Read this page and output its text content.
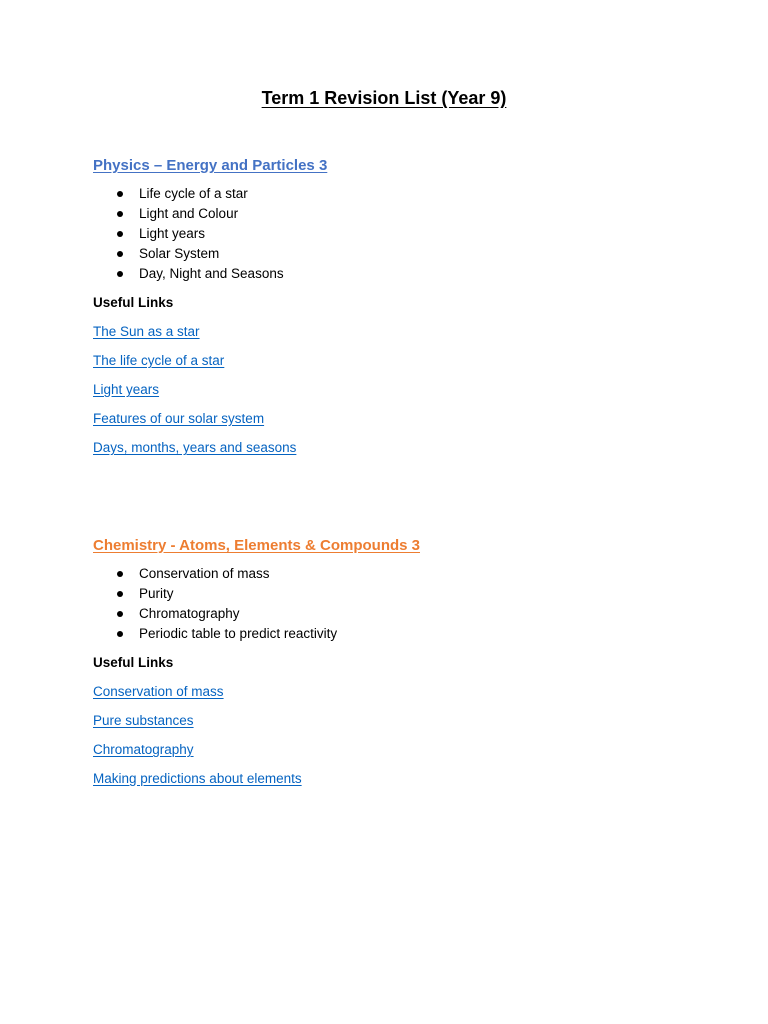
Term 1 Revision List (Year 9)
Physics – Energy and Particles 3
Life cycle of a star
Light and Colour
Light years
Solar System
Day, Night and Seasons

Useful Links

The Sun as a star
The life cycle of a star
Light years
Features of our solar system
Days, months, years and seasons
Chemistry - Atoms, Elements & Compounds 3
Conservation of mass
Purity
Chromatography
Periodic table to predict reactivity

Useful Links

Conservation of mass
Pure substances
Chromatography
Making predictions about elements
